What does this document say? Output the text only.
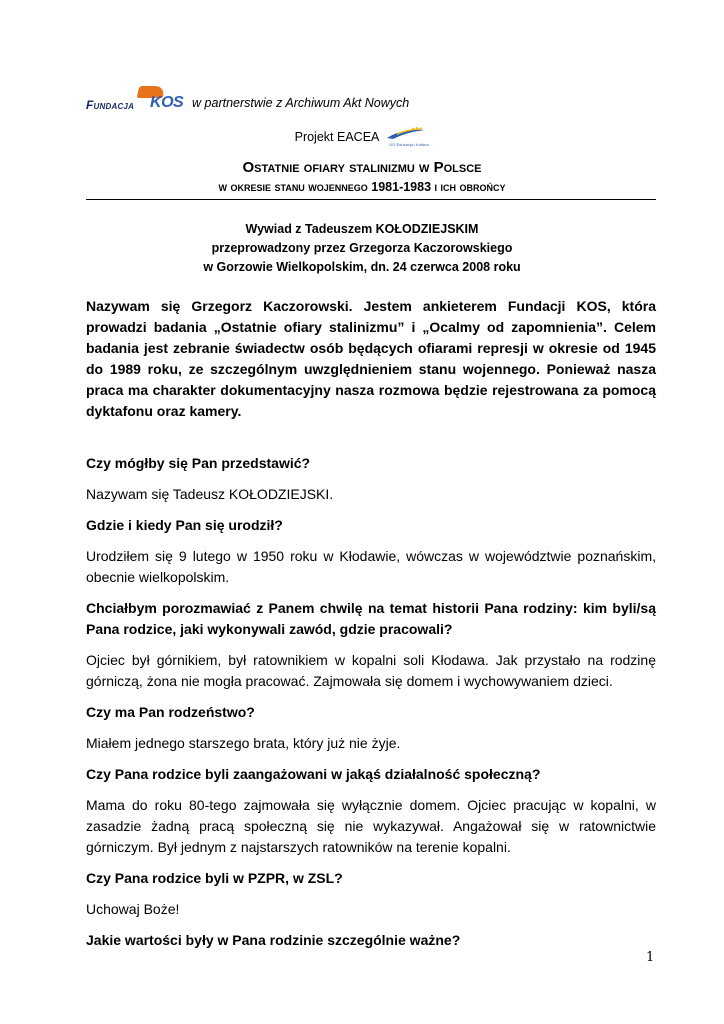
Fundacja KOS w partnerstwie z Archiwum Akt Nowych
Projekt EACEA
DG Edukacja i Kultura
Ostatnie ofiary stalinizmu w Polsce
w okresie stanu wojennego 1981-1983 i ich obrońcy
Wywiad z Tadeuszem KOŁODZIEJSKIM
przeprowadzony przez Grzegorza Kaczorowskiego
w Gorzowie Wielkopolskim, dn. 24 czerwca 2008 roku
Nazywam się Grzegorz Kaczorowski. Jestem ankieterem Fundacji KOS, która prowadzi badania „Ostatnie ofiary stalinizmu” i „Ocalmy od zapomnienia”. Celem badania jest zebranie świadectw osób będących ofiarami represji w okresie od 1945 do 1989 roku, ze szczególnym uwzględnieniem stanu wojennego. Ponieważ nasza praca ma charakter dokumentacyjny nasza rozmowa będzie rejestrowana za pomocą dyktafonu oraz kamery.

Czy mógłby się Pan przedstawić?

Nazywam się Tadeusz KOŁODZIEJSKI.

Gdzie i kiedy Pan się urodził?

Urodziłem się 9 lutego w 1950 roku w Kłodawie, wówczas w województwie poznańskim, obecnie wielkopolskim.

Chciałbym porozmawiać z Panem chwilę na temat historii Pana rodziny: kim byli/są Pana rodzice, jaki wykonywali zawód, gdzie pracowali?

Ojciec był górnikiem, był ratownikiem w kopalni soli Kłodawa. Jak przystało na rodzinę górniczą, żona nie mogła pracować. Zajmowała się domem i wychowywaniem dzieci.

Czy ma Pan rodzeństwo?

Miałem jednego starszego brata, który już nie żyje.

Czy Pana rodzice byli zaangażowani w jakąś działalność społeczną?

Mama do roku 80-tego zajmowała się wyłącznie domem. Ojciec pracując w kopalni, w zasadzie żadną pracą społeczną się nie wykazywał. Angażował się w ratownictwie górniczym. Był jednym z najstarszych ratowników na terenie kopalni.

Czy Pana rodzice byli w PZPR, w ZSL?

Uchowaj Boże!

Jakie wartości były w Pana rodzinie szczególnie ważne?

1
